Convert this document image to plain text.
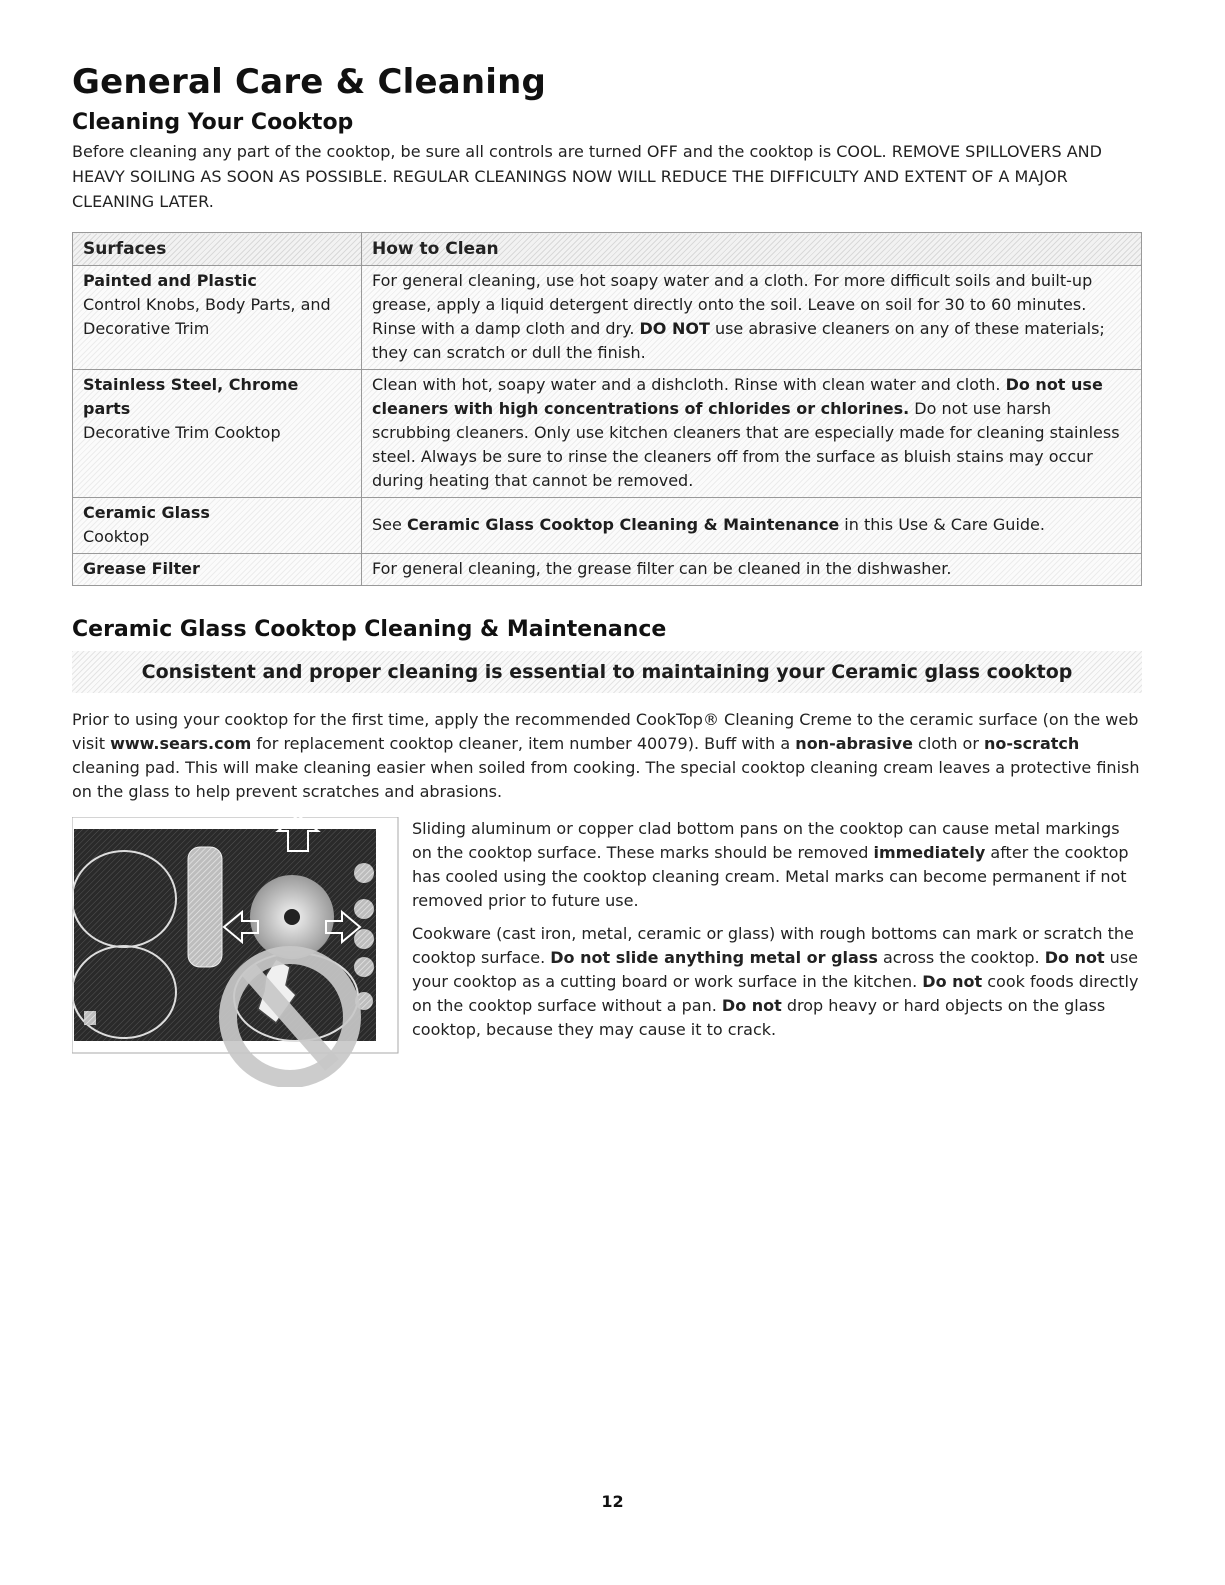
General Care & Cleaning
Cleaning Your Cooktop

Before cleaning any part of the cooktop, be sure all controls are turned OFF and the cooktop is COOL. REMOVE SPILLOVERS AND HEAVY SOILING AS SOON AS POSSIBLE. REGULAR CLEANINGS NOW WILL REDUCE THE DIFFICULTY AND EXTENT OF A MAJOR CLEANING LATER.

Surfaces	How to Clean

Painted and Plastic
Control Knobs, Body Parts, and Decorative Trim	For general cleaning, use hot soapy water and a cloth. For more difficult soils and built-up grease, apply a liquid detergent directly onto the soil. Leave on soil for 30 to 60 minutes. Rinse with a damp cloth and dry. DO NOT use abrasive cleaners on any of these materials; they can scratch or dull the finish.

Stainless Steel, Chrome parts
Decorative Trim Cooktop	Clean with hot, soapy water and a dishcloth. Rinse with clean water and cloth. Do not use cleaners with high concentrations of chlorides or chlorines. Do not use harsh scrubbing cleaners. Only use kitchen cleaners that are especially made for cleaning stainless steel. Always be sure to rinse the cleaners off from the surface as bluish stains may occur during heating that cannot be removed.

Ceramic Glass
Cooktop	See Ceramic Glass Cooktop Cleaning & Maintenance in this Use & Care Guide.

Grease Filter	For general cleaning, the grease filter can be cleaned in the dishwasher.
Ceramic Glass Cooktop Cleaning & Maintenance
Consistent and proper cleaning is essential to maintaining your Ceramic glass cooktop

Prior to using your cooktop for the first time, apply the recommended CookTop® Cleaning Creme to the ceramic surface (on the web visit www.sears.com for replacement cooktop cleaner, item number 40079). Buff with a non-abrasive cloth or no-scratch cleaning pad. This will make cleaning easier when soiled from cooking. The special cooktop cleaning cream leaves a protective finish on the glass to help prevent scratches and abrasions.

Sliding aluminum or copper clad bottom pans on the cooktop can cause metal markings on the cooktop surface. These marks should be removed immediately after the cooktop has cooled using the cooktop cleaning cream. Metal marks can become permanent if not removed prior to future use.

Cookware (cast iron, metal, ceramic or glass) with rough bottoms can mark or scratch the cooktop surface. Do not slide anything metal or glass across the cooktop. Do not use your cooktop as a cutting board or work surface in the kitchen. Do not cook foods directly on the cooktop surface without a pan. Do not drop heavy or hard objects on the glass cooktop, because they may cause it to crack.

12
